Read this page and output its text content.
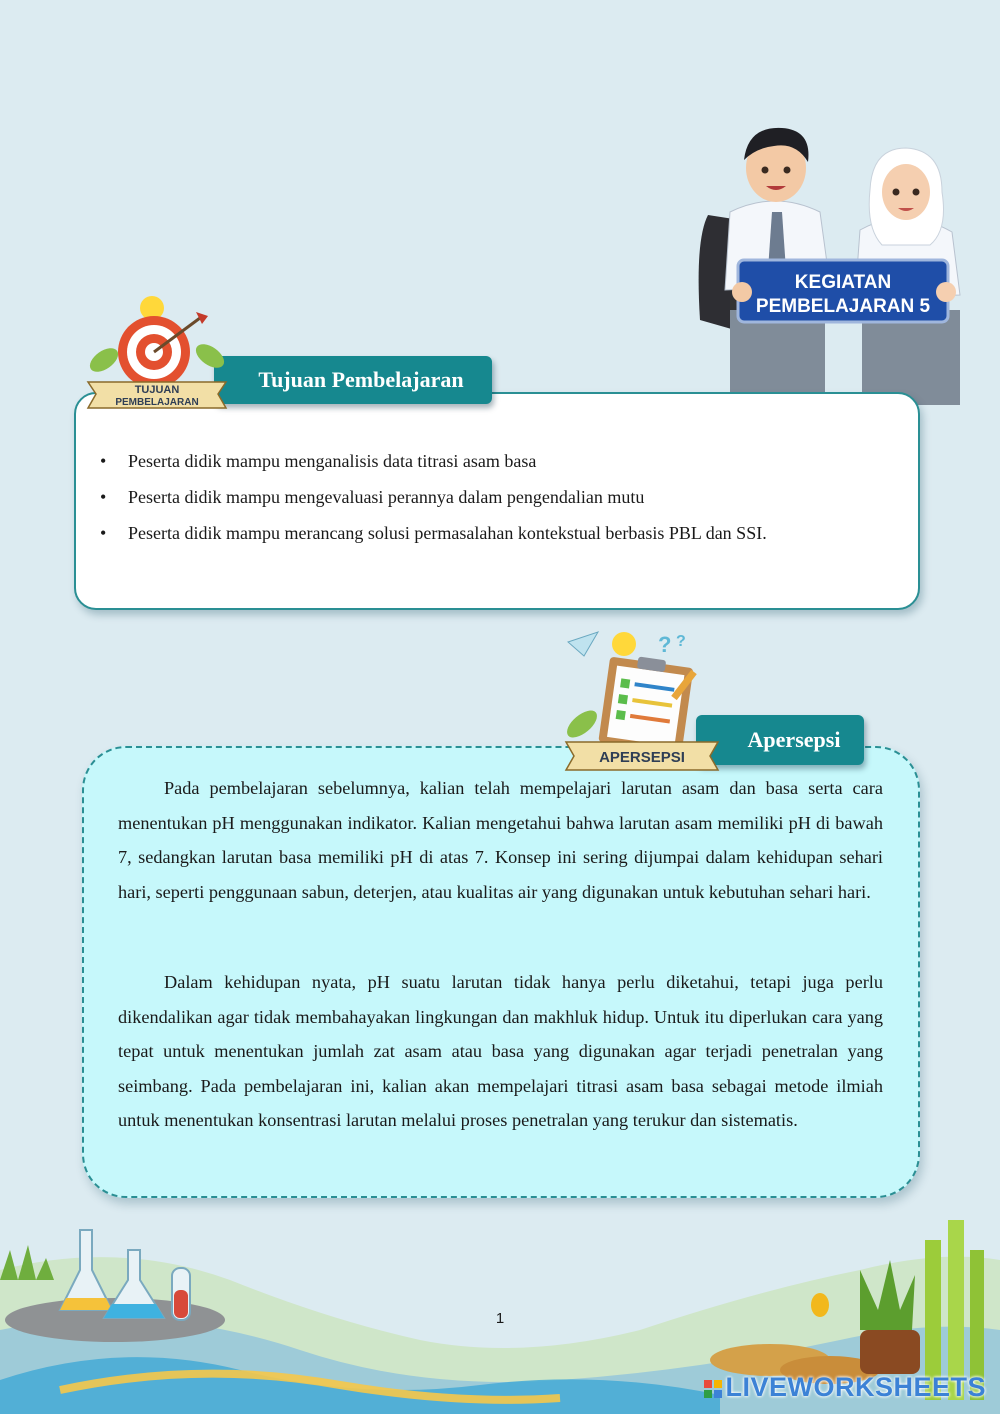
KEGIATAN
PEMBELAJARAN 5
Tujuan Pembelajaran
TUJUAN
PEMBELAJARAN
• Peserta didik mampu menganalisis data titrasi asam basa
• Peserta didik mampu mengevaluasi perannya dalam pengendalian mutu
• Peserta didik mampu merancang solusi permasalahan kontekstual berbasis PBL dan SSI.
Apersepsi
? ?
APERSEPSI

Pada pembelajaran sebelumnya, kalian telah mempelajari larutan asam dan basa serta cara menentukan pH menggunakan indikator. Kalian mengetahui bahwa larutan asam memiliki pH di bawah 7, sedangkan larutan basa memiliki pH di atas 7. Konsep ini sering dijumpai dalam kehidupan sehari hari, seperti penggunaan sabun, deterjen, atau kualitas air yang digunakan untuk kebutuhan sehari hari.

Dalam kehidupan nyata, pH suatu larutan tidak hanya perlu diketahui, tetapi juga perlu dikendalikan agar tidak membahayakan lingkungan dan makhluk hidup. Untuk itu diperlukan cara yang tepat untuk menentukan jumlah zat asam atau basa yang digunakan agar terjadi penetralan yang seimbang. Pada pembelajaran ini, kalian akan mempelajari titrasi asam basa sebagai metode ilmiah untuk menentukan konsentrasi larutan melalui proses penetralan yang terukur dan sistematis.

1

LIVEWORKSHEETS
